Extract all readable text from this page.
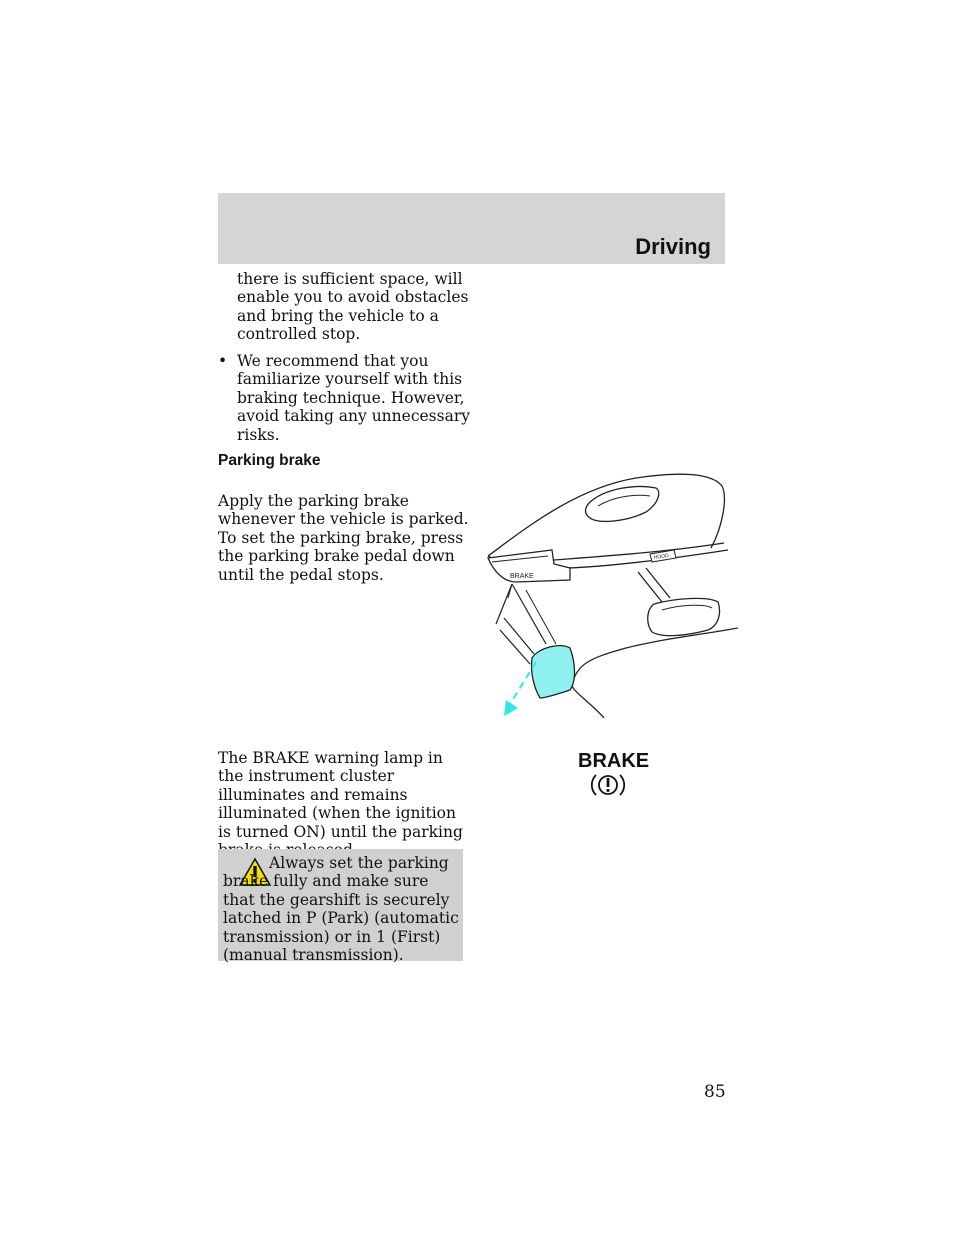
Driving
there is sufficient space, will enable you to avoid obstacles and bring the vehicle to a controlled stop.
• We recommend that you familiarize yourself with this braking technique. However, avoid taking any unnecessary risks.
Parking brake
Apply the parking brake whenever the vehicle is parked. To set the parking brake, press the parking brake pedal down until the pedal stops.	BRAKE
HOOD
The BRAKE warning lamp in the instrument cluster illuminates and remains illuminated (when the ignition is turned ON) until the parking
BRAKE
Always set the parking brake fully and make sure that the gearshift is securely latched in P (Park) (automatic transmission) or in 1 (First) (manual transmission).
85
